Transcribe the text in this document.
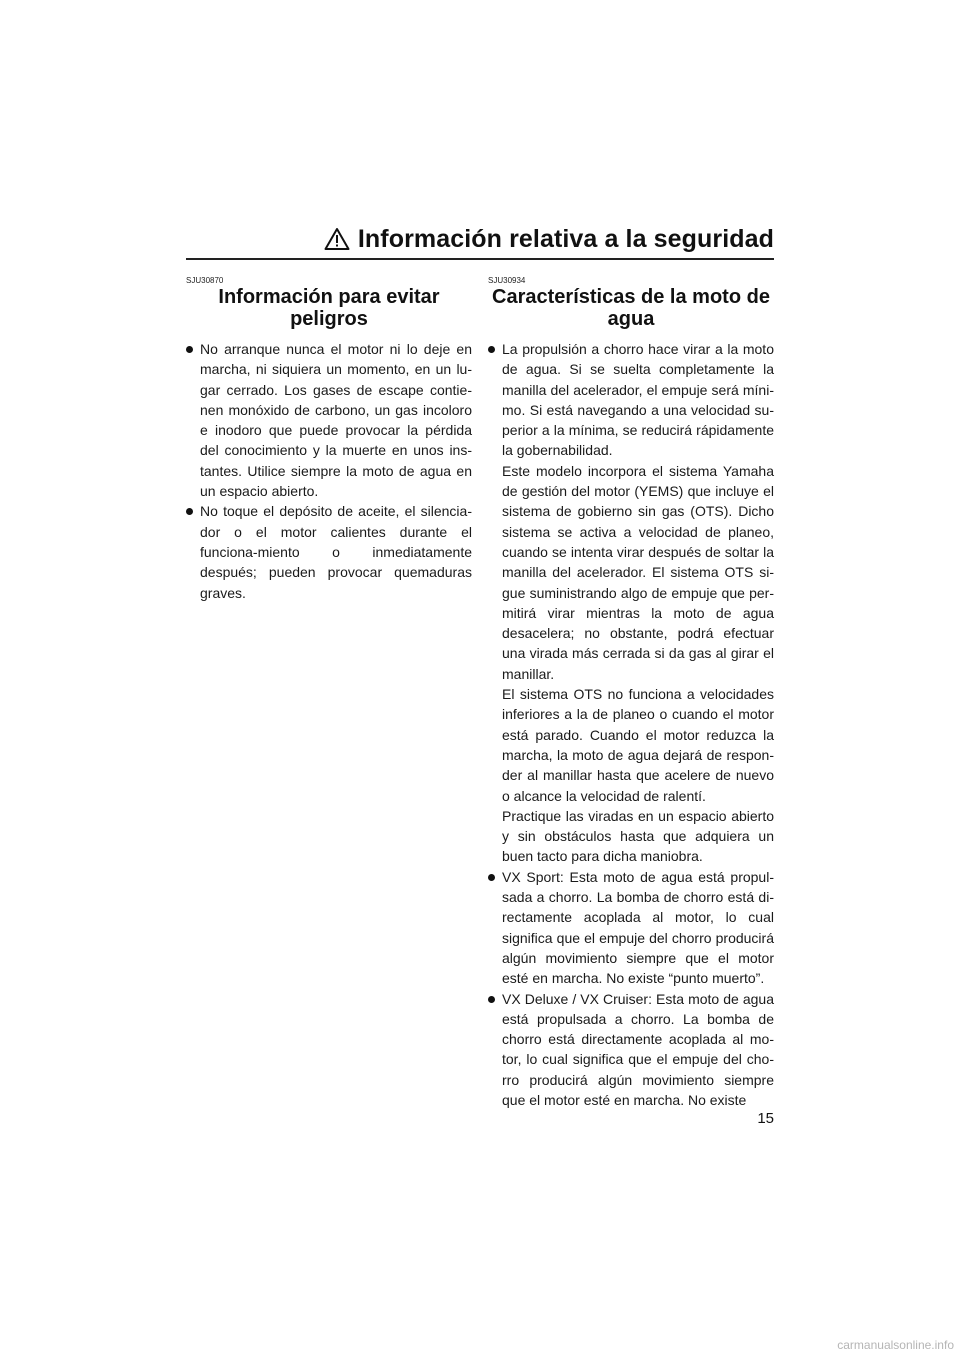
Información relativa a la seguridad
SJU30870
Información para evitar
peligros

No arranque nunca el motor ni lo deje en marcha, ni siquiera un momento, en un lu-gar cerrado. Los gases de escape contie-nen monóxido de carbono, un gas incoloro e inodoro que puede provocar la pérdida del conocimiento y la muerte en unos ins-tantes. Utilice siempre la moto de agua en un espacio abierto.

No toque el depósito de aceite, el silencia-dor o el motor calientes durante el funciona-miento o inmediatamente después; pueden provocar quemaduras graves.

SJU30934
Características de la moto de
agua

La propulsión a chorro hace virar a la moto de agua. Si se suelta completamente la manilla del acelerador, el empuje será míni-mo. Si está navegando a una velocidad su-perior a la mínima, se reducirá rápidamente la gobernabilidad.

Este modelo incorpora el sistema Yamaha de gestión del motor (YEMS) que incluye el sistema de gobierno sin gas (OTS). Dicho sistema se activa a velocidad de planeo, cuando se intenta virar después de soltar la manilla del acelerador. El sistema OTS si-gue suministrando algo de empuje que per-mitirá virar mientras la moto de agua desacelera; no obstante, podrá efectuar una virada más cerrada si da gas al girar el manillar.

El sistema OTS no funciona a velocidades inferiores a la de planeo o cuando el motor está parado. Cuando el motor reduzca la marcha, la moto de agua dejará de respon-der al manillar hasta que acelere de nuevo o alcance la velocidad de ralentí.

Practique las viradas en un espacio abierto y sin obstáculos hasta que adquiera un buen tacto para dicha maniobra.

VX Sport: Esta moto de agua está propul-sada a chorro. La bomba de chorro está di-rectamente acoplada al motor, lo cual significa que el empuje del chorro producirá algún movimiento siempre que el motor esté en marcha. No existe “punto muerto”.

VX Deluxe / VX Cruiser: Esta moto de agua está propulsada a chorro. La bomba de chorro está directamente acoplada al mo-tor, lo cual significa que el empuje del cho-rro producirá algún movimiento siempre que el motor esté en marcha. No existe

15
carmanualsonline.info
